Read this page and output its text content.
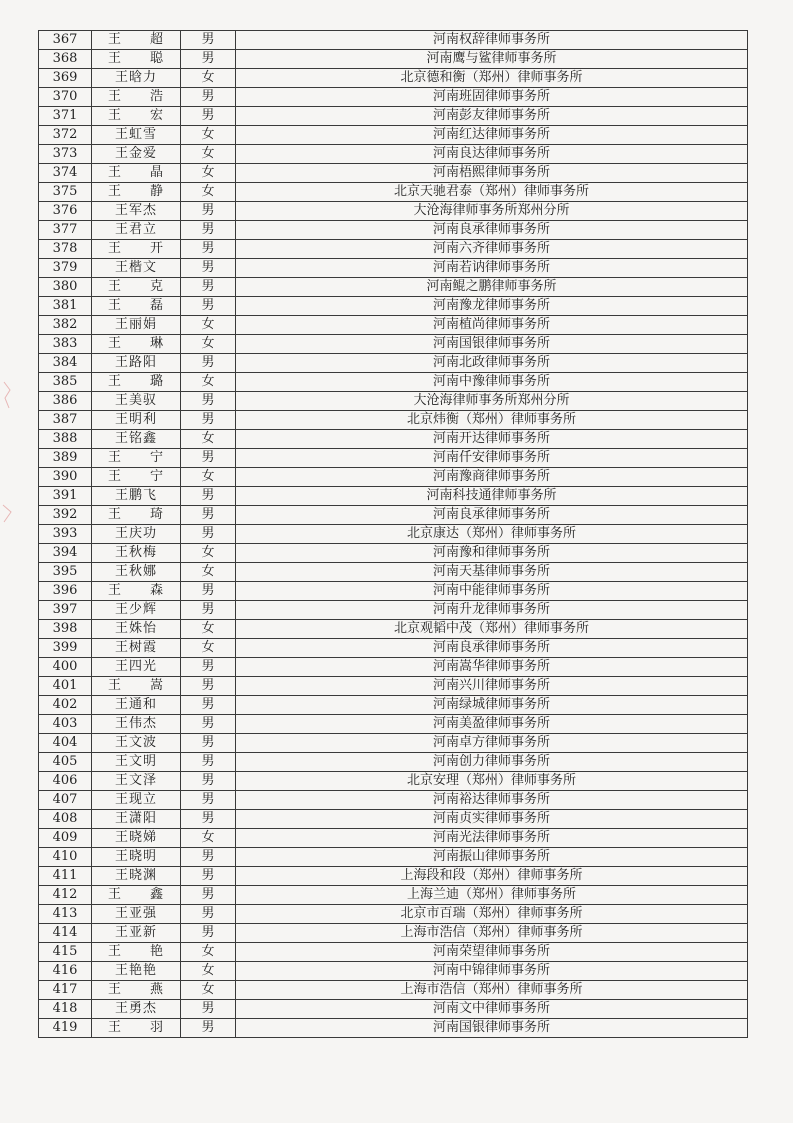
367	王　　超	男	河南权辞律师事务所
368	王　　聪	男	河南鹰与鲨律师事务所
369	王晗力	女	北京德和衡（郑州）律师事务所
370	王　　浩	男	河南班固律师事务所
371	王　　宏	男	河南彭友律师事务所
372	王虹雪	女	河南红达律师事务所
373	王金爱	女	河南良达律师事务所
374	王　　晶	女	河南梧熙律师事务所
375	王　　静	女	北京天驰君泰（郑州）律师事务所
376	王军杰	男	大沧海律师事务所郑州分所
377	王君立	男	河南良承律师事务所
378	王　　开	男	河南六齐律师事务所
379	王楷文	男	河南若讷律师事务所
380	王　　克	男	河南鲲之鹏律师事务所
381	王　　磊	男	河南豫龙律师事务所
382	王丽娟	女	河南植尚律师事务所
383	王　　琳	女	河南国银律师事务所
384	王路阳	男	河南北政律师事务所
385	王　　璐	女	河南中豫律师事务所
386	王美驭	男	大沧海律师事务所郑州分所
387	王明利	男	北京炜衡（郑州）律师事务所
388	王铭鑫	女	河南开达律师事务所
389	王　　宁	男	河南仟安律师事务所
390	王　　宁	女	河南豫商律师事务所
391	王鹏飞	男	河南科技通律师事务所
392	王　　琦	男	河南良承律师事务所
393	王庆功	男	北京康达（郑州）律师事务所
394	王秋梅	女	河南豫和律师事务所
395	王秋娜	女	河南天基律师事务所
396	王　　森	男	河南中能律师事务所
397	王少辉	男	河南升龙律师事务所
398	王姝怡	女	北京观韬中茂（郑州）律师事务所
399	王树霞	女	河南良承律师事务所
400	王四光	男	河南嵩华律师事务所
401	王　　嵩	男	河南兴川律师事务所
402	王通和	男	河南绿城律师事务所
403	王伟杰	男	河南美盈律师事务所
404	王文波	男	河南卓方律师事务所
405	王文明	男	河南创力律师事务所
406	王文泽	男	北京安理（郑州）律师事务所
407	王现立	男	河南裕达律师事务所
408	王潇阳	男	河南贞实律师事务所
409	王晓娣	女	河南光法律师事务所
410	王晓明	男	河南振山律师事务所
411	王晓渊	男	上海段和段（郑州）律师事务所
412	王　　鑫	男	上海兰迪（郑州）律师事务所
413	王亚强	男	北京市百瑞（郑州）律师事务所
414	王亚新	男	上海市浩信（郑州）律师事务所
415	王　　艳	女	河南荣望律师事务所
416	王艳艳	女	河南中锦律师事务所
417	王　　燕	女	上海市浩信（郑州）律师事务所
418	王勇杰	男	河南文中律师事务所
419	王　　羽	男	河南国银律师事务所
